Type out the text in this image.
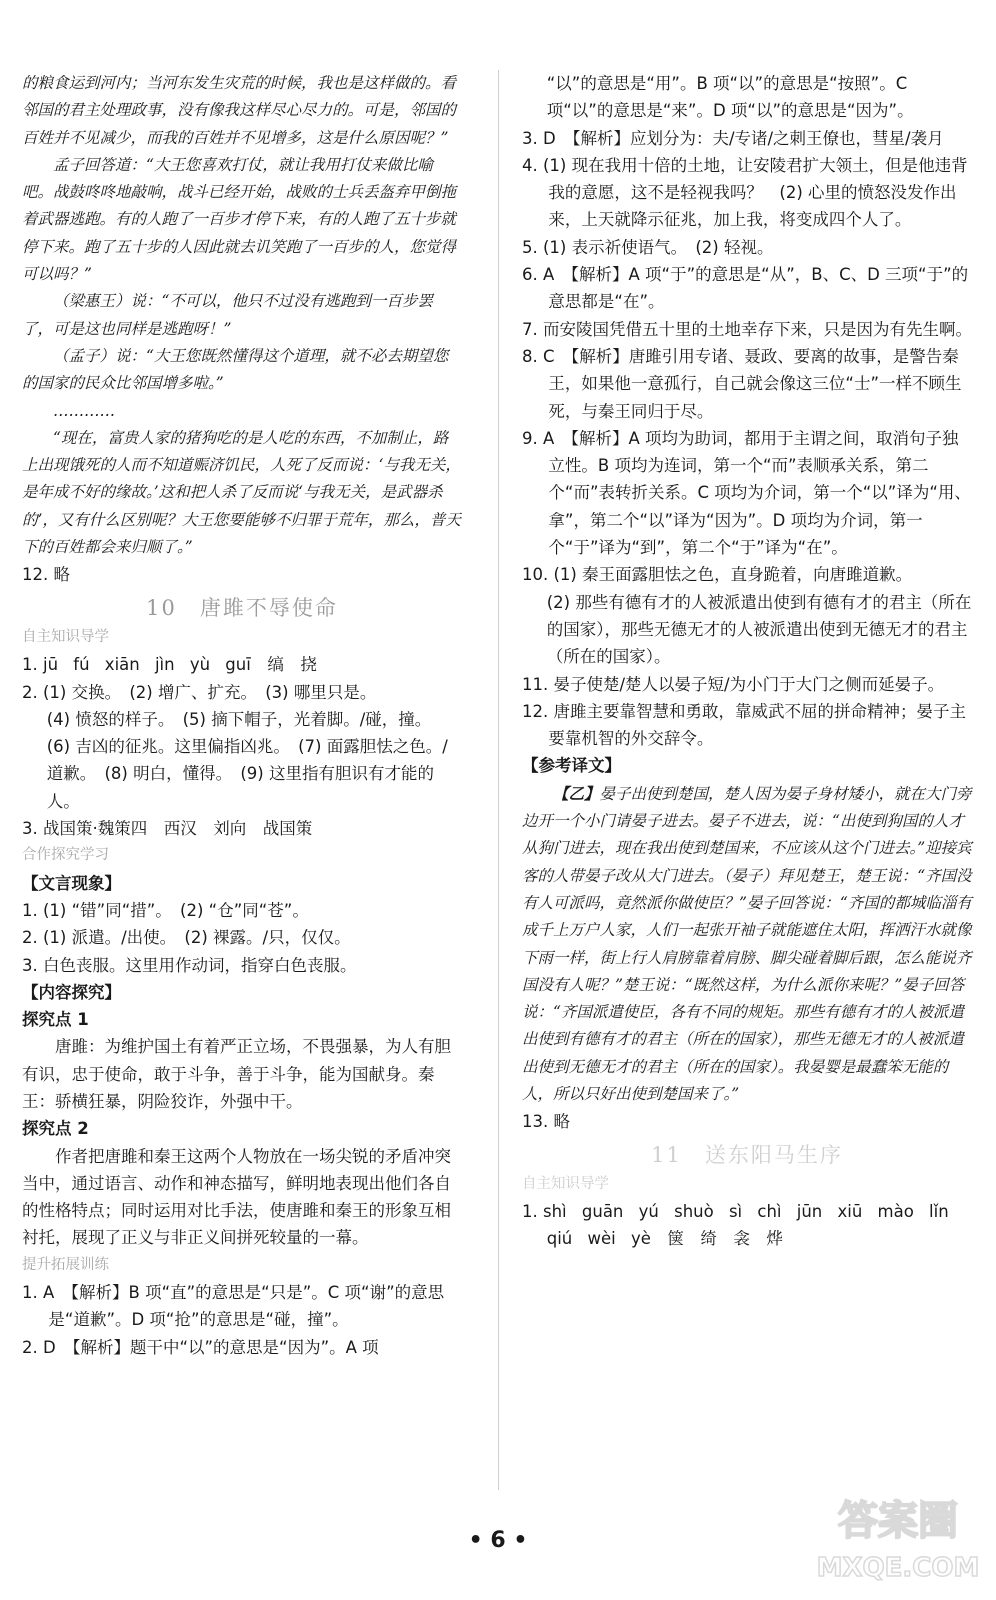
的粮食运到河内；当河东发生灾荒的时候，我也是这样做的。看邻国的君主处理政事，没有像我这样尽心尽力的。可是，邻国的百姓并不见减少，而我的百姓并不见增多，这是什么原因呢？”

孟子回答道：“大王您喜欢打仗，就让我用打仗来做比喻吧。战鼓咚咚地敲响，战斗已经开始，战败的士兵丢盔弃甲倒拖着武器逃跑。有的人跑了一百步才停下来，有的人跑了五十步就停下来。跑了五十步的人因此就去讥笑跑了一百步的人，您觉得可以吗？”

（梁惠王）说：“不可以，他只不过没有逃跑到一百步罢了，可是这也同样是逃跑呀！”

（孟子）说：“大王您既然懂得这个道理，就不必去期望您的国家的民众比邻国增多啦。”

…………

“现在，富贵人家的猪狗吃的是人吃的东西，不加制止，路上出现饿死的人而不知道赈济饥民，人死了反而说：‘与我无关，是年成不好的缘故。’这和把人杀了反而说‘与我无关，是武器杀的’，又有什么区别呢？大王您要能够不归罪于荒年，那么，普天下的百姓都会来归顺了。”

12. 略

10　唐雎不辱使命

自主知识导学

1. jū fú xiān jìn yù guī　 缟　挠

2. (1) 交换。　(2) 增广、扩充。　(3) 哪里只是。

(4) 愤怒的样子。　(5) 摘下帽子，光着脚。/碰，撞。　(6) 吉凶的征兆。这里偏指凶兆。　(7) 面露胆怯之色。/道歉。　(8) 明白，懂得。　(9) 这里指有胆识有才能的人。

3. 战国策·魏策四　西汉　刘向　战国策

合作探究学习

【文言现象】

1. (1) “错”同“措”。　(2) “仓”同“苍”。

2. (1) 派遣。/出使。　(2) 裸露。/只，仅仅。

3. 白色丧服。这里用作动词，指穿白色丧服。

【内容探究】

探究点 1

唐雎：为维护国土有着严正立场，不畏强暴，为人有胆有识，忠于使命，敢于斗争，善于斗争，能为国献身。秦王：骄横狂暴，阴险狡诈，外强中干。

探究点 2

作者把唐雎和秦王这两个人物放在一场尖锐的矛盾冲突当中，通过语言、动作和神态描写，鲜明地表现出他们各自的性格特点；同时运用对比手法，使唐雎和秦王的形象互相衬托，展现了正义与非正义间拼死较量的一幕。

提升拓展训练

1. A　【解析】B 项“直”的意思是“只是”。C 项“谢”的意思是“道歉”。D 项“抢”的意思是“碰，撞”。

2. D　【解析】题干中“以”的意思是“因为”。A 项

“以”的意思是“用”。B 项“以”的意思是“按照”。C 项“以”的意思是“来”。D 项“以”的意思是“因为”。

3. D　【解析】应划分为：夫/专诸/之刺王僚也，彗星/袭月

4. (1) 现在我用十倍的土地，让安陵君扩大领土，但是他违背我的意愿，这不是轻视我吗？　(2) 心里的愤怒没发作出来，上天就降示征兆，加上我，将变成四个人了。

5. (1) 表示祈使语气。　(2) 轻视。

6. A　【解析】A 项“于”的意思是“从”，B、C、D 三项“于”的意思都是“在”。

7. 而安陵国凭借五十里的土地幸存下来，只是因为有先生啊。

8. C　【解析】唐雎引用专诸、聂政、要离的故事，是警告秦王，如果他一意孤行，自己就会像这三位“士”一样不顾生死，与秦王同归于尽。

9. A　【解析】A 项均为助词，都用于主谓之间，取消句子独立性。B 项均为连词，第一个“而”表顺承关系，第二个“而”表转折关系。C 项均为介词，第一个“以”译为“用、拿”，第二个“以”译为“因为”。D 项均为介词，第一个“于”译为“到”，第二个“于”译为“在”。

10. (1) 秦王面露胆怯之色，直身跪着，向唐雎道歉。

(2) 那些有德有才的人被派遣出使到有德有才的君主（所在的国家），那些无德无才的人被派遣出使到无德无才的君主（所在的国家）。

11. 晏子使楚/楚人以晏子短/为小门于大门之侧而延晏子。

12. 唐雎主要靠智慧和勇敢，靠威武不屈的拼命精神；晏子主要靠机智的外交辞令。

【参考译文】

【乙】晏子出使到楚国，楚人因为晏子身材矮小，就在大门旁边开一个小门请晏子进去。晏子不进去，说：“出使到狗国的人才从狗门进去，现在我出使到楚国来，不应该从这个门进去。”迎接宾客的人带晏子改从大门进去。（晏子）拜见楚王，楚王说：“齐国没有人可派吗，竟然派你做使臣？”晏子回答说：“齐国的都城临淄有成千上万户人家，人们一起张开袖子就能遮住太阳，挥洒汗水就像下雨一样，街上行人肩膀靠着肩膀、脚尖碰着脚后跟，怎么能说齐国没有人呢？”楚王说：“既然这样，为什么派你来呢？”晏子回答说：“齐国派遣使臣，各有不同的规矩。那些有德有才的人被派遣出使到有德有才的君主（所在的国家），那些无德无才的人被派遣出使到无德无才的君主（所在的国家）。我晏婴是最蠢笨无能的人，所以只好出使到楚国来了。”

13. 略

11　送东阳马生序

自主知识导学

1. shì guān yú shuò sì chì jūn xiū mào lǐn

qiú wèi yè　 箧　绮　衾　烨

• 6 •	答案圈
MXQE.COM
